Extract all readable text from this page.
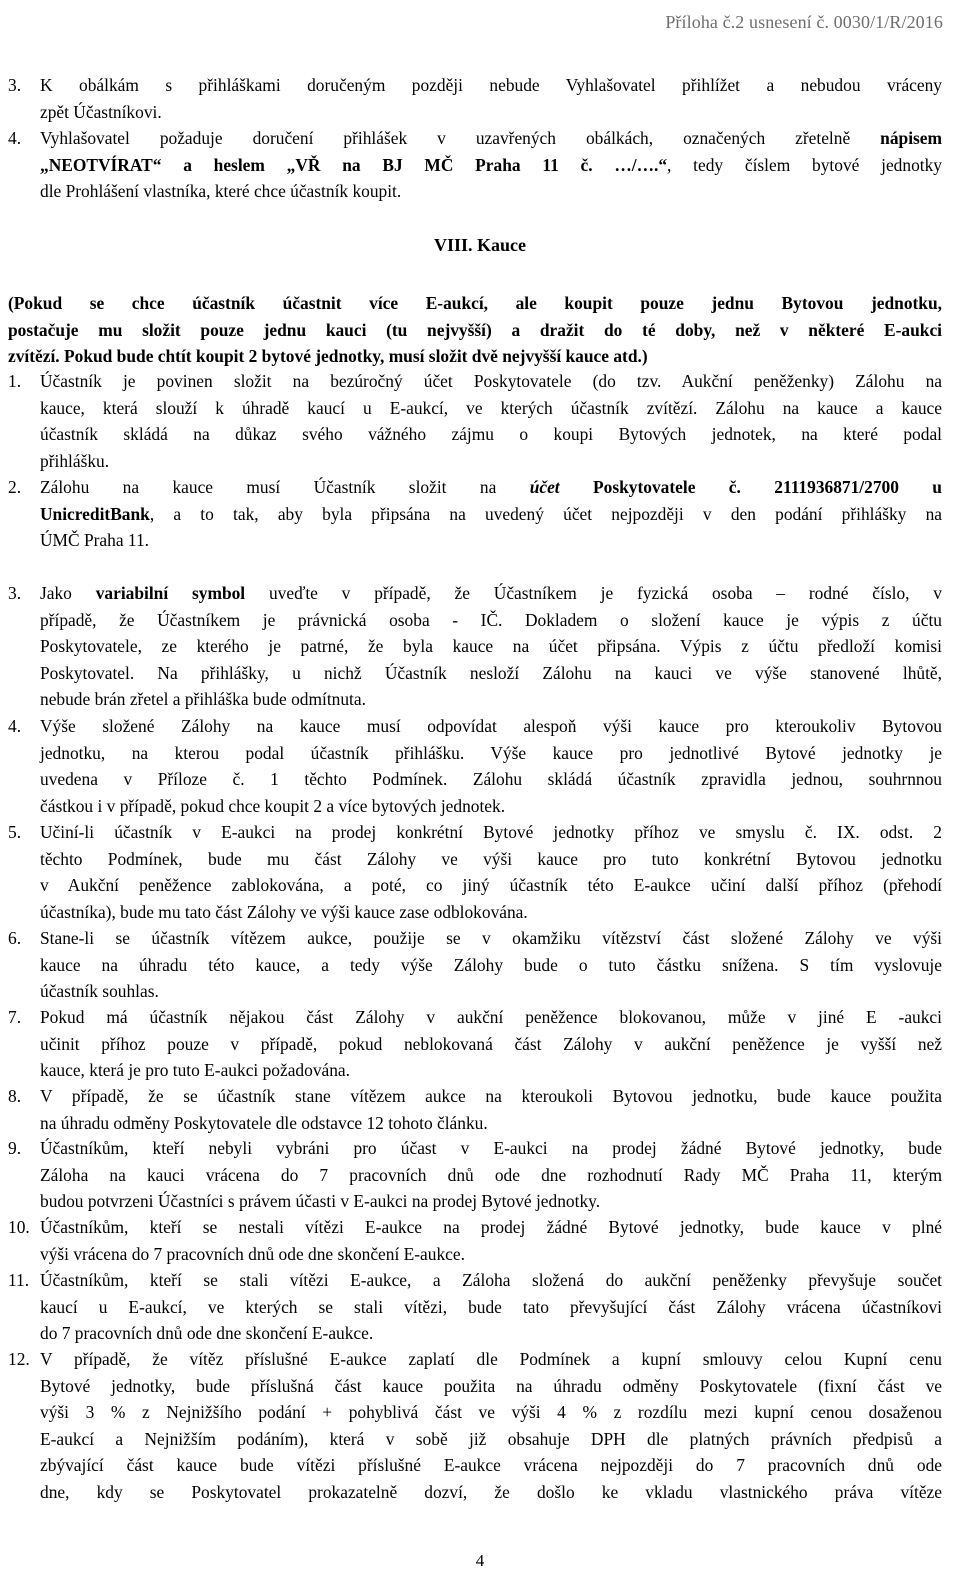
Příloha č.2 usnesení č. 0030/1/R/2016
3. K obálkám s přihláškami doručeným později nebude Vyhlašovatel přihlížet a nebudou vráceny
zpět Účastníkovi.
4. Vyhlašovatel požaduje doručení přihlášek v uzavřených obálkách, označených zřetelně nápisem
„NEOTVÍRAT“ a heslem „VŘ na BJ MČ Praha 11 č. …/….“, tedy číslem bytové jednotky
dle Prohlášení vlastníka, které chce účastník koupit.
VIII. Kauce
(Pokud se chce účastník účastnit více E-aukcí, ale koupit pouze jednu Bytovou jednotku,
postačuje mu složit pouze jednu kauci (tu nejvyšší) a dražit do té doby, než v některé E-aukci
zvítězí. Pokud bude chtít koupit 2 bytové jednotky, musí složit dvě nejvyšší kauce atd.)
1. Účastník je povinen složit na bezúročný účet Poskytovatele (do tzv. Aukční peněženky) Zálohu na
kauce, která slouží k úhradě kaucí u E-aukcí, ve kterých účastník zvítězí. Zálohu na kauce a kauce
účastník skládá na důkaz svého vážného zájmu o koupi Bytových jednotek, na které podal
přihlášku.
2. Zálohu na kauce musí Účastník složit na účet Poskytovatele č. 2111936871/2700 u
UnicreditBank, a to tak, aby byla připsána na uvedený účet nejpozději v den podání přihlášky na
ÚMČ Praha 11.
3. Jako variabilní symbol uveďte v případě, že Účastníkem je fyzická osoba – rodné číslo, v
případě, že Účastníkem je právnická osoba - IČ. Dokladem o složení kauce je výpis z účtu
Poskytovatele, ze kterého je patrné, že byla kauce na účet připsána. Výpis z účtu předloží komisi
Poskytovatel. Na přihlášky, u nichž Účastník nesloží Zálohu na kauci ve výše stanovené lhůtě,
nebude brán zřetel a přihláška bude odmítnuta.
4. Výše složené Zálohy na kauce musí odpovídat alespoň výši kauce pro kteroukoliv Bytovou
jednotku, na kterou podal účastník přihlášku. Výše kauce pro jednotlivé Bytové jednotky je
uvedena v Příloze č. 1 těchto Podmínek. Zálohu skládá účastník zpravidla jednou, souhrnnou
částkou i v případě, pokud chce koupit 2 a více bytových jednotek.
5. Učiní-li účastník v E-aukci na prodej konkrétní Bytové jednotky příhoz ve smyslu č. IX. odst. 2
těchto Podmínek, bude mu část Zálohy ve výši kauce pro tuto konkrétní Bytovou jednotku
v Aukční peněžence zablokována, a poté, co jiný účastník této E-aukce učiní další příhoz (přehodí
účastníka), bude mu tato část Zálohy ve výši kauce zase odblokována.
6. Stane-li se účastník vítězem aukce, použije se v okamžiku vítězství část složené Zálohy ve výši
kauce na úhradu této kauce, a tedy výše Zálohy bude o tuto částku snížena. S tím vyslovuje
účastník souhlas.
7. Pokud má účastník nějakou část Zálohy v aukční peněžence blokovanou, může v jiné E -aukci
učinit příhoz pouze v případě, pokud neblokovaná část Zálohy v aukční peněžence je vyšší než
kauce, která je pro tuto E-aukci požadována.
8. V případě, že se účastník stane vítězem aukce na kteroukoli Bytovou jednotku, bude kauce použita
na úhradu odměny Poskytovatele dle odstavce 12 tohoto článku.
9. Účastníkům, kteří nebyli vybráni pro účast v E-aukci na prodej žádné Bytové jednotky, bude
Záloha na kauci vrácena do 7 pracovních dnů ode dne rozhodnutí Rady MČ Praha 11, kterým
budou potvrzeni Účastníci s právem účasti v E-aukci na prodej Bytové jednotky.
10. Účastníkům, kteří se nestali vítězi E-aukce na prodej žádné Bytové jednotky, bude kauce v plné
výši vrácena do 7 pracovních dnů ode dne skončení E-aukce.
11. Účastníkům, kteří se stali vítězi E-aukce, a Záloha složená do aukční peněženky převyšuje součet
kaucí u E-aukcí, ve kterých se stali vítězi, bude tato převyšující část Zálohy vrácena účastníkovi
do 7 pracovních dnů ode dne skončení E-aukce.
12. V případě, že vítěz příslušné E-aukce zaplatí dle Podmínek a kupní smlouvy celou Kupní cenu
Bytové jednotky, bude příslušná část kauce použita na úhradu odměny Poskytovatele (fixní část ve
výši 3 % z Nejnižšího podání + pohyblivá část ve výši 4 % z rozdílu mezi kupní cenou dosaženou
E-aukcí a Nejnižším podáním), která v sobě již obsahuje DPH dle platných právních předpisů a
zbývající část kauce bude vítězi příslušné E-aukce vrácena nejpozději do 7 pracovních dnů ode
dne, kdy se Poskytovatel prokazatelně dozví, že došlo ke vkladu vlastnického práva vítěze
4
